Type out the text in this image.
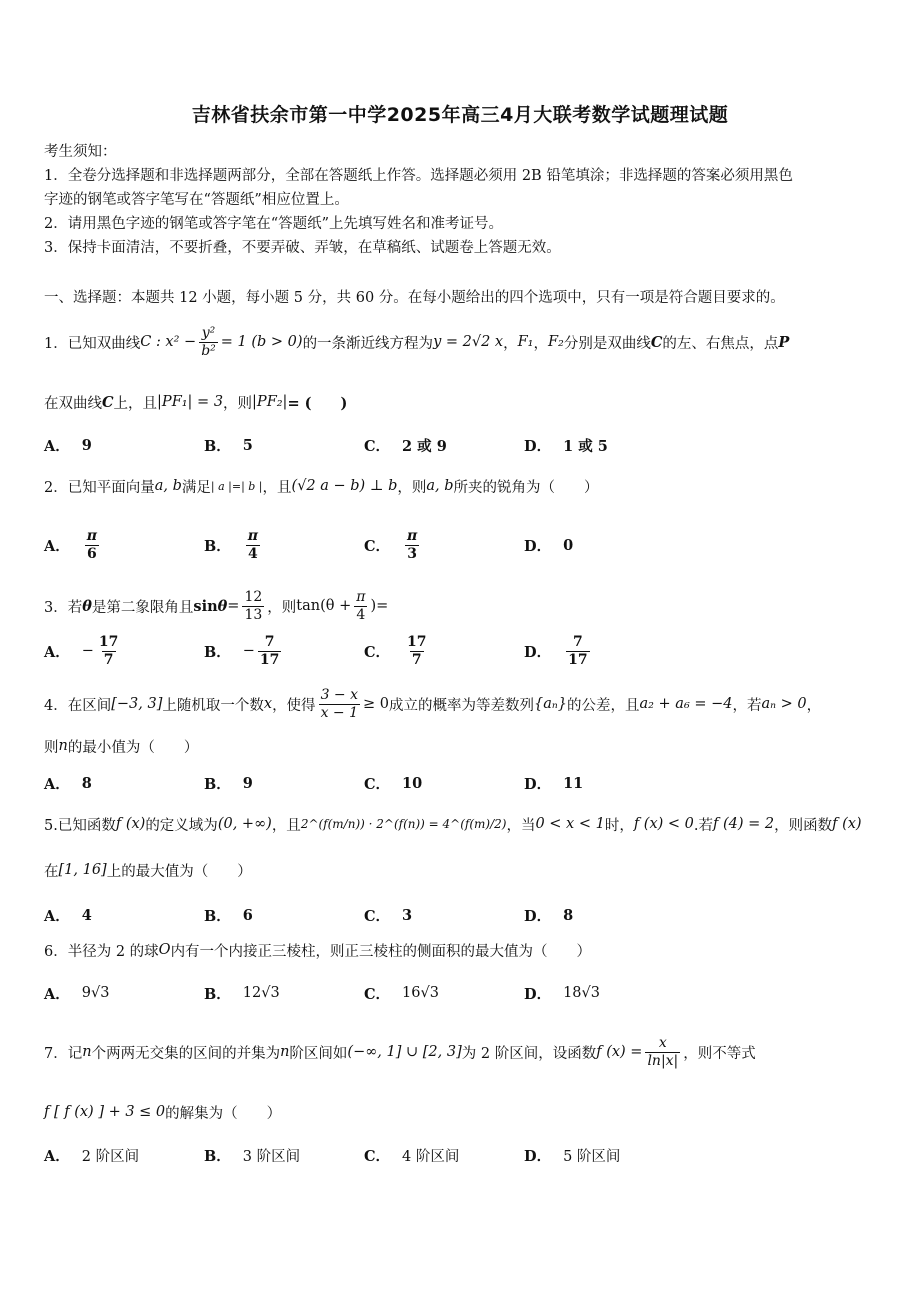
吉林省扶余市第一中学2025年高三4月大联考数学试题理试题
考生须知：
1．全卷分选择题和非选择题两部分，全部在答题纸上作答。选择题必须用 2B 铅笔填涂；非选择题的答案必须用黑色
字迹的钢笔或答字笔写在“答题纸”相应位置上。
2．请用黑色字迹的钢笔或答字笔在“答题纸”上先填写姓名和准考证号。
3．保持卡面清洁，不要折叠，不要弄破、弄皱，在草稿纸、试题卷上答题无效。
一、选择题：本题共 12 小题，每小题 5 分，共 60 分。在每小题给出的四个选项中，只有一项是符合题目要求的。
1．已知双曲线 C : $x^2 - \frac{\text{y²}}{\text{b²}} = 1$ (b > 0) 的一条渐近线方程为 y = 2√2 x ， F₁ ， F₂ 分别是双曲线 C 的左、右焦点，点 P
在双曲线 C 上，且 |PF₁| = 3 ，则 |PF₂| = (　　)
A． 9	B． 5	C． 2 或 9	D． 1 或 5
2．已知平面向量 a, b 满足 | a |=| b | ，且 (√2 a − b) ⊥ b ，则 a, b 所夹的锐角为（　　）
A． $\frac{\pi}{6}$	B． $\frac{\pi}{4}$	C． $\frac{\pi}{3}$	D． 0
3．若 θ 是第二象限角且 $\sin \theta = \frac{12}{13}$ ，则 $\tan(\theta + \frac{\pi}{4}$ ) =
A． − $\frac{17}{7}$	B． − $\frac{7}{17}$	C． $\frac{17}{7}$	D． $\frac{7}{17}$
4．在区间 [−3, 3] 上随机取一个数 x ，使得 $\frac{3 - x}{x - 1} \ge 0$ 成立的概率为等差数列 {aₙ} 的公差，且 a₂ + a₆ = −4 ，若 aₙ > 0 ，
则 n 的最小值为（　　）
A． 8	B． 9	C． 10	D． 11
5.已知函数 f (x) 的定义域为 (0, +∞) ，且 2^(f(m/n)) · 2^(f(n)) = 4^(f(m)/2) ，当 0 < x < 1 时， f (x) < 0 .若 f (4) = 2 ，则函数 f (x)
在 [1, 16] 上的最大值为（　　）
A． 4	B． 6	C． 3	D． 8
6．半径为 2 的球 O 内有一个内接正三棱柱，则正三棱柱的侧面积的最大值为（　　）
A． 9√3	B． 12√3	C． 16√3	D． 18√3
7．记 n 个两两无交集的区间的并集为 n 阶区间如 (−∞, 1] ∪ [2, 3] 为 2 阶区间，设函数 f $(x) = \frac{x}{\ln|x|}$ ，则不等式
f [ f (x) ] + 3 ≤ 0 的解集为（　　）
A． 2 阶区间	B． 3 阶区间	C． 4 阶区间	D． 5 阶区间
